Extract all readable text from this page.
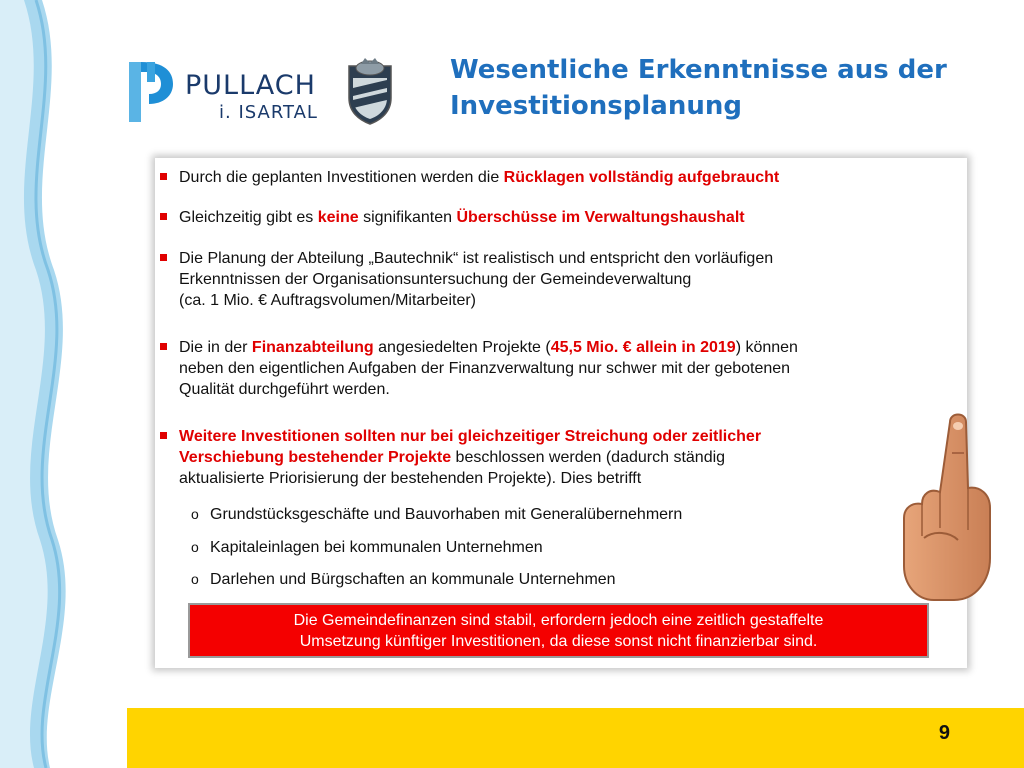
PULLACH
i. ISARTAL
Wesentliche Erkenntnisse aus der
Investitionsplanung
Durch die geplanten Investitionen werden die Rücklagen vollständig aufgebraucht
Gleichzeitig gibt es keine signifikanten Überschüsse im Verwaltungshaushalt
Die Planung der Abteilung „Bautechnik“ ist realistisch und entspricht den vorläufigen
Erkenntnissen der Organisationsuntersuchung der Gemeindeverwaltung
(ca. 1 Mio. € Auftragsvolumen/Mitarbeiter)
Die in der Finanzabteilung angesiedelten Projekte (45,5 Mio. € allein in 2019) können
neben den eigentlichen Aufgaben der Finanzverwaltung nur schwer mit der gebotenen
Qualität durchgeführt werden.
Weitere Investitionen sollten nur bei gleichzeitiger Streichung oder zeitlicher
Verschiebung bestehender Projekte beschlossen werden (dadurch ständig
aktualisierte Priorisierung der bestehenden Projekte). Dies betrifft
o Grundstücksgeschäfte und Bauvorhaben mit Generalübernehmern
o Kapitaleinlagen bei kommunalen Unternehmen
o Darlehen und Bürgschaften an kommunale Unternehmen
Die Gemeindefinanzen sind stabil, erfordern jedoch eine zeitlich gestaffelte
Umsetzung künftiger Investitionen, da diese sonst nicht finanzierbar sind.
9
